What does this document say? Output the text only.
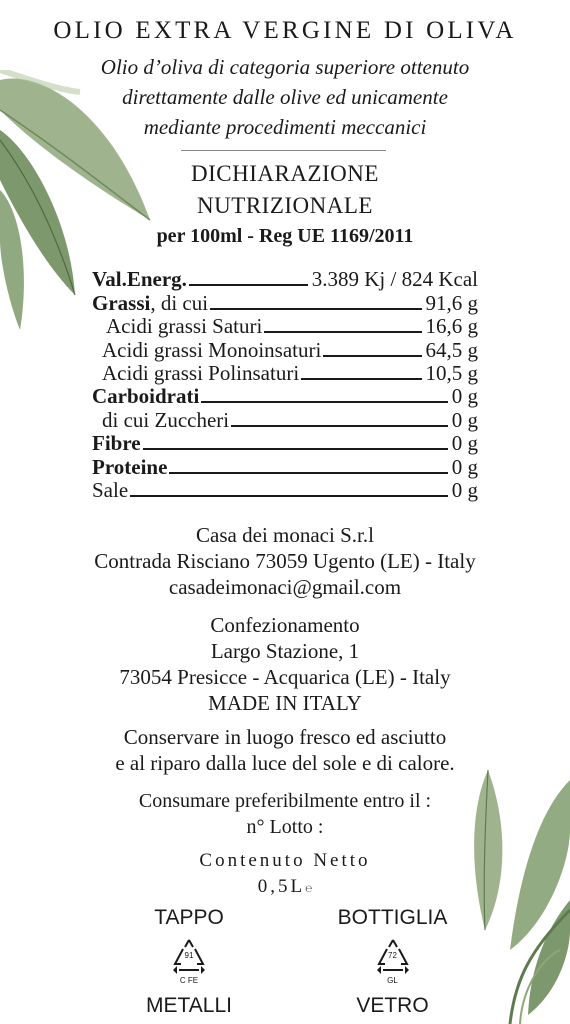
OLIO EXTRA VERGINE DI OLIVA
Olio d’oliva di categoria superiore ottenuto
direttamente dalle olive ed unicamente
mediante procedimenti meccanici
DICHIARAZIONE
NUTRIZIONALE
per 100ml - Reg UE 1169/2011
Val.Energ.	3.389 Kj / 824 Kcal
Grassi, di cui	91,6 g
Acidi grassi Saturi	16,6 g
Acidi grassi Monoinsaturi	64,5 g
Acidi grassi Polinsaturi	10,5 g
Carboidrati	0 g
di cui Zuccheri	0 g
Fibre	0 g
Proteine	0 g
Sale	0 g
Casa dei monaci S.r.l
Contrada Risciano 73059 Ugento (LE) - Italy
casadeimonaci@gmail.com
Confezionamento
Largo Stazione, 1
73054 Presicce - Acquarica (LE) - Italy
MADE IN ITALY
Conservare in luogo fresco ed asciutto
e al riparo dalla luce del sole e di calore.
Consumare preferibilmente entro il :
n° Lotto :
Contenuto Netto
0,5L℮
TAPPO
91
C FE
METALLI
BOTTIGLIA
72
GL
VETRO
